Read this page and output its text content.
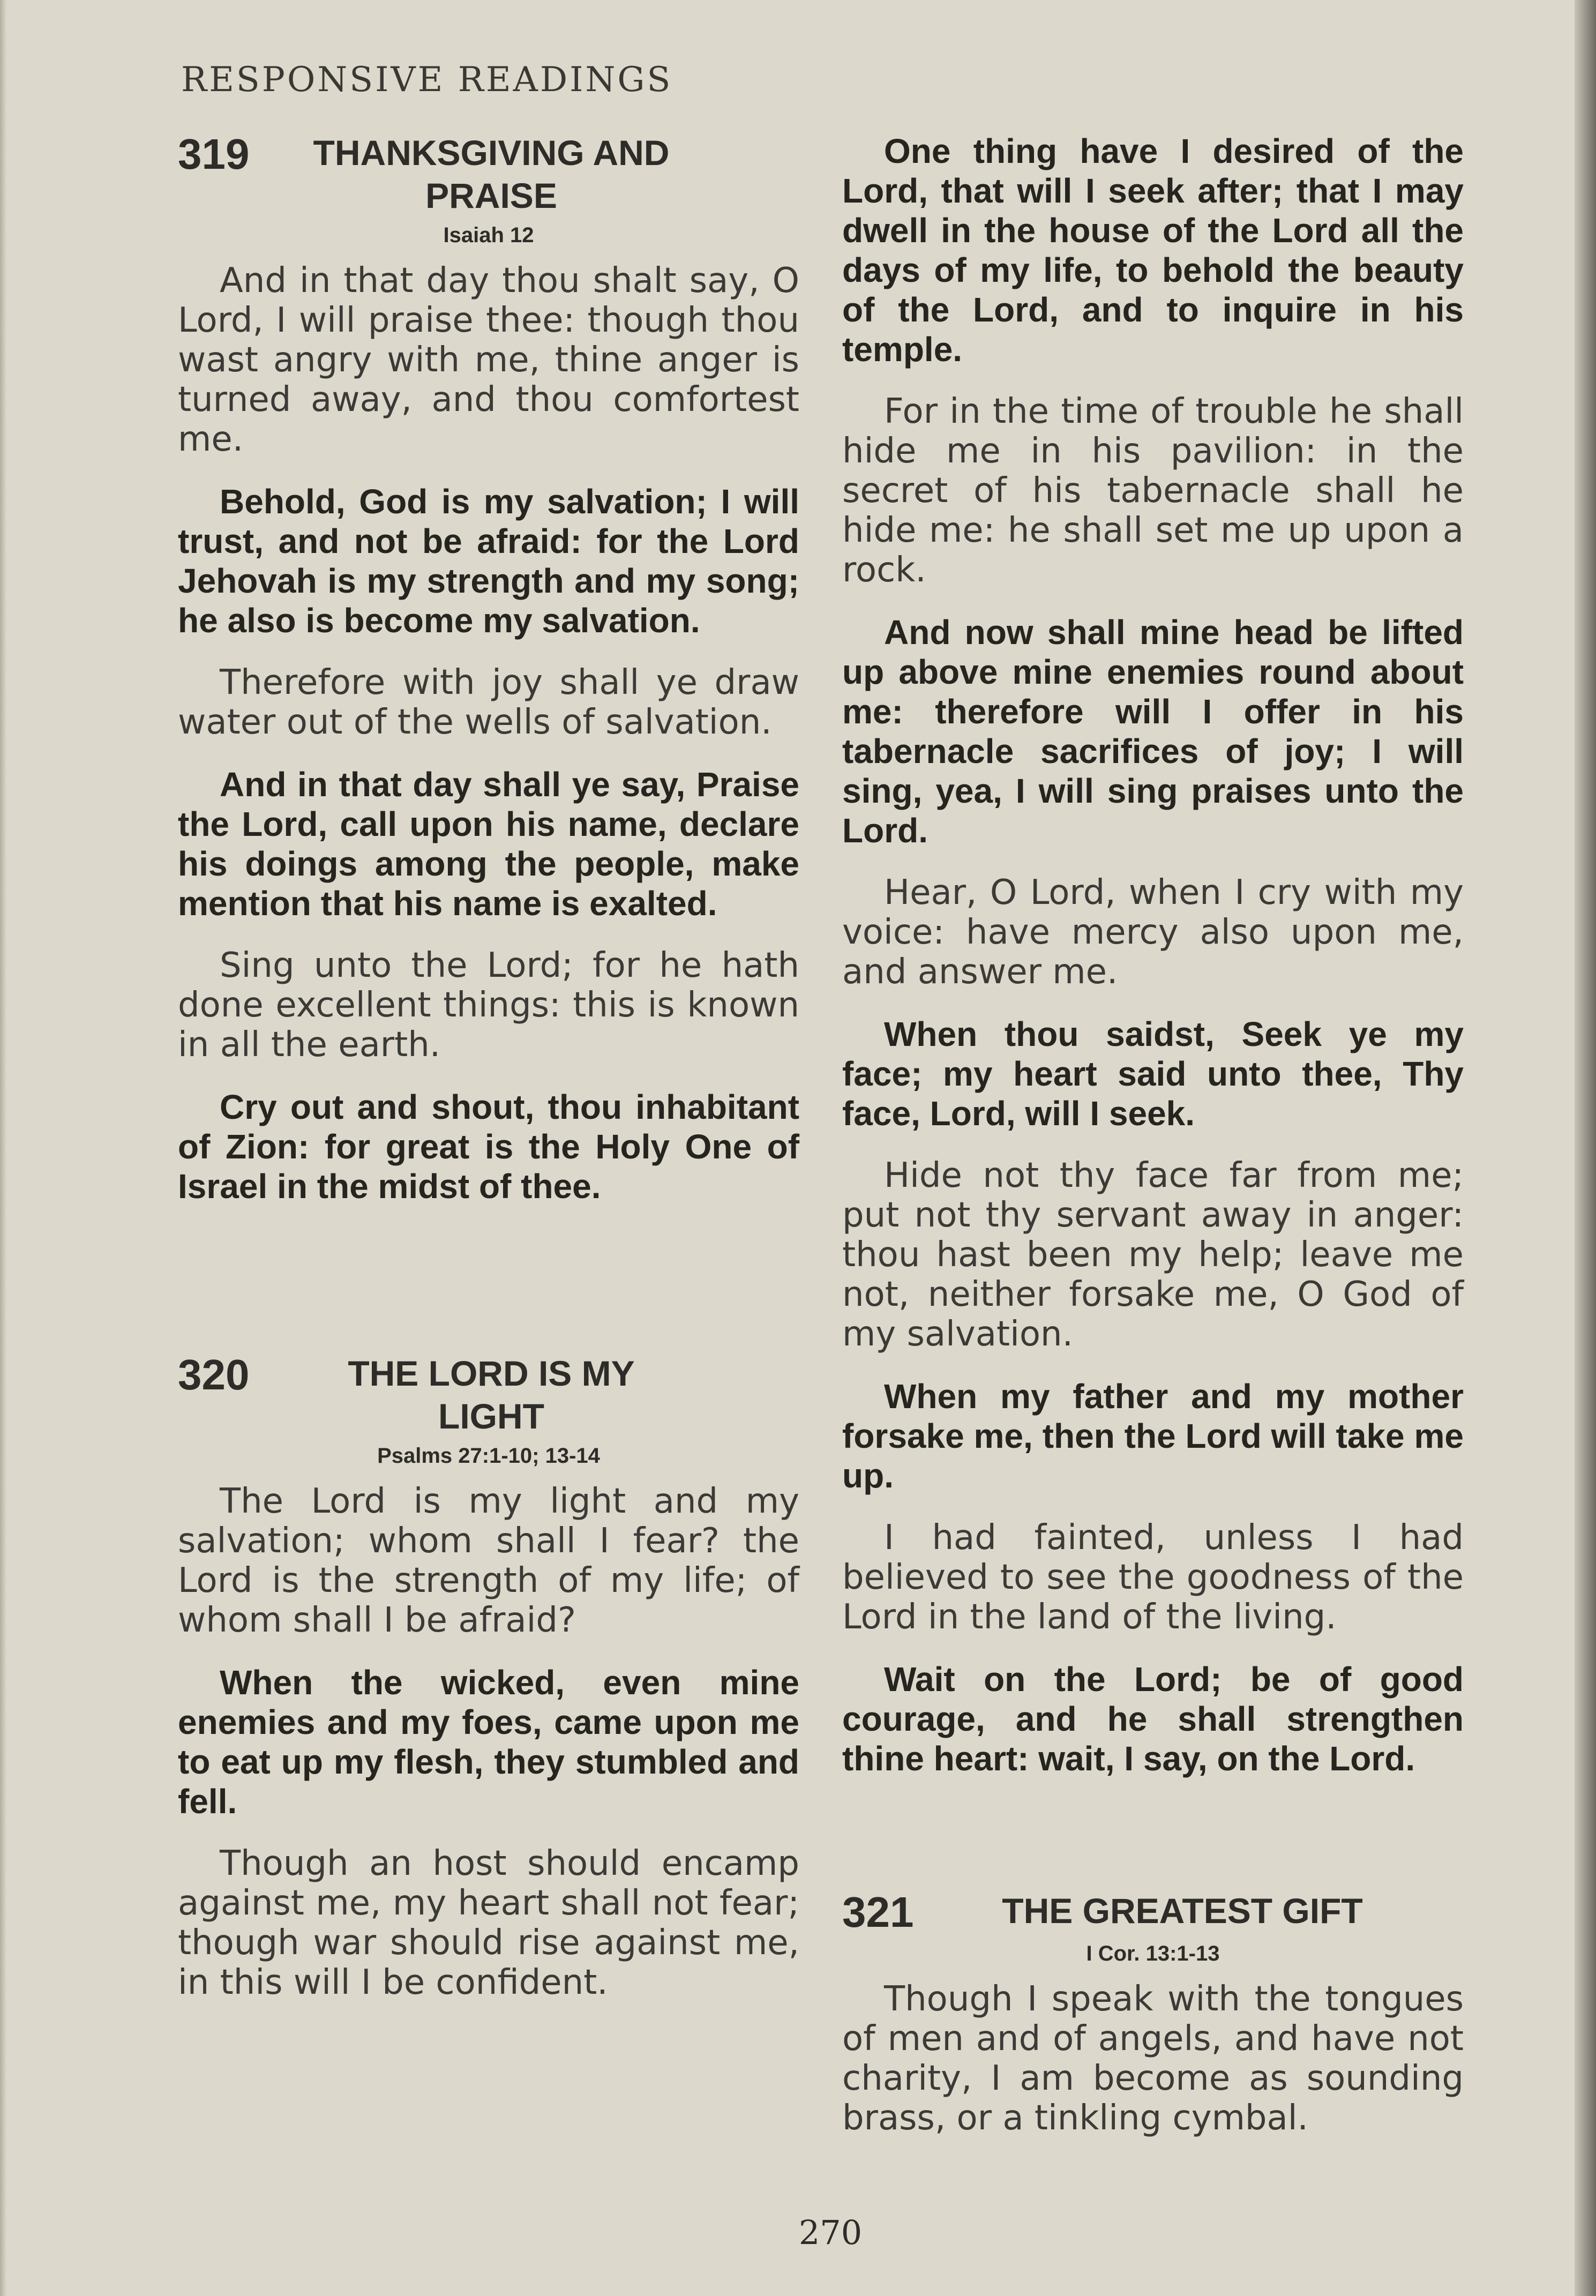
RESPONSIVE READINGS
319	THANKSGIVING AND
PRAISE
Isaiah 12

And in that day thou shalt say, O Lord, I will praise thee: though thou wast angry with me, thine anger is turned away, and thou comfortest me.

Behold, God is my salvation; I will trust, and not be afraid: for the Lord Jehovah is my strength and my song; he also is become my salvation.

Therefore with joy shall ye draw water out of the wells of salvation.

And in that day shall ye say, Praise the Lord, call upon his name, declare his doings among the people, make mention that his name is exalted.

Sing unto the Lord; for he hath done excellent things: this is known in all the earth.

Cry out and shout, thou inhabitant of Zion: for great is the Holy One of Israel in the midst of thee.

320	THE LORD IS MY
LIGHT
Psalms 27:1-10; 13-14

The Lord is my light and my salvation; whom shall I fear? the Lord is the strength of my life; of whom shall I be afraid?

When the wicked, even mine enemies and my foes, came upon me to eat up my flesh, they stumbled and fell.

Though an host should encamp against me, my heart shall not fear; though war should rise against me, in this will I be confident.

One thing have I desired of the Lord, that will I seek after; that I may dwell in the house of the Lord all the days of my life, to behold the beauty of the Lord, and to inquire in his temple.

For in the time of trouble he shall hide me in his pavilion: in the secret of his tabernacle shall he hide me: he shall set me up upon a rock.

And now shall mine head be lifted up above mine enemies round about me: therefore will I offer in his tabernacle sacrifices of joy; I will sing, yea, I will sing praises unto the Lord.

Hear, O Lord, when I cry with my voice: have mercy also upon me, and answer me.

When thou saidst, Seek ye my face; my heart said unto thee, Thy face, Lord, will I seek.

Hide not thy face far from me; put not thy servant away in anger: thou hast been my help; leave me not, neither forsake me, O God of my salvation.

When my father and my mother forsake me, then the Lord will take me up.

I had fainted, unless I had believed to see the goodness of the Lord in the land of the living.

Wait on the Lord; be of good courage, and he shall strengthen thine heart: wait, I say, on the Lord.

321	THE GREATEST GIFT
I Cor. 13:1-13

Though I speak with the tongues of men and of angels, and have not charity, I am become as sounding brass, or a tinkling cymbal.

270
